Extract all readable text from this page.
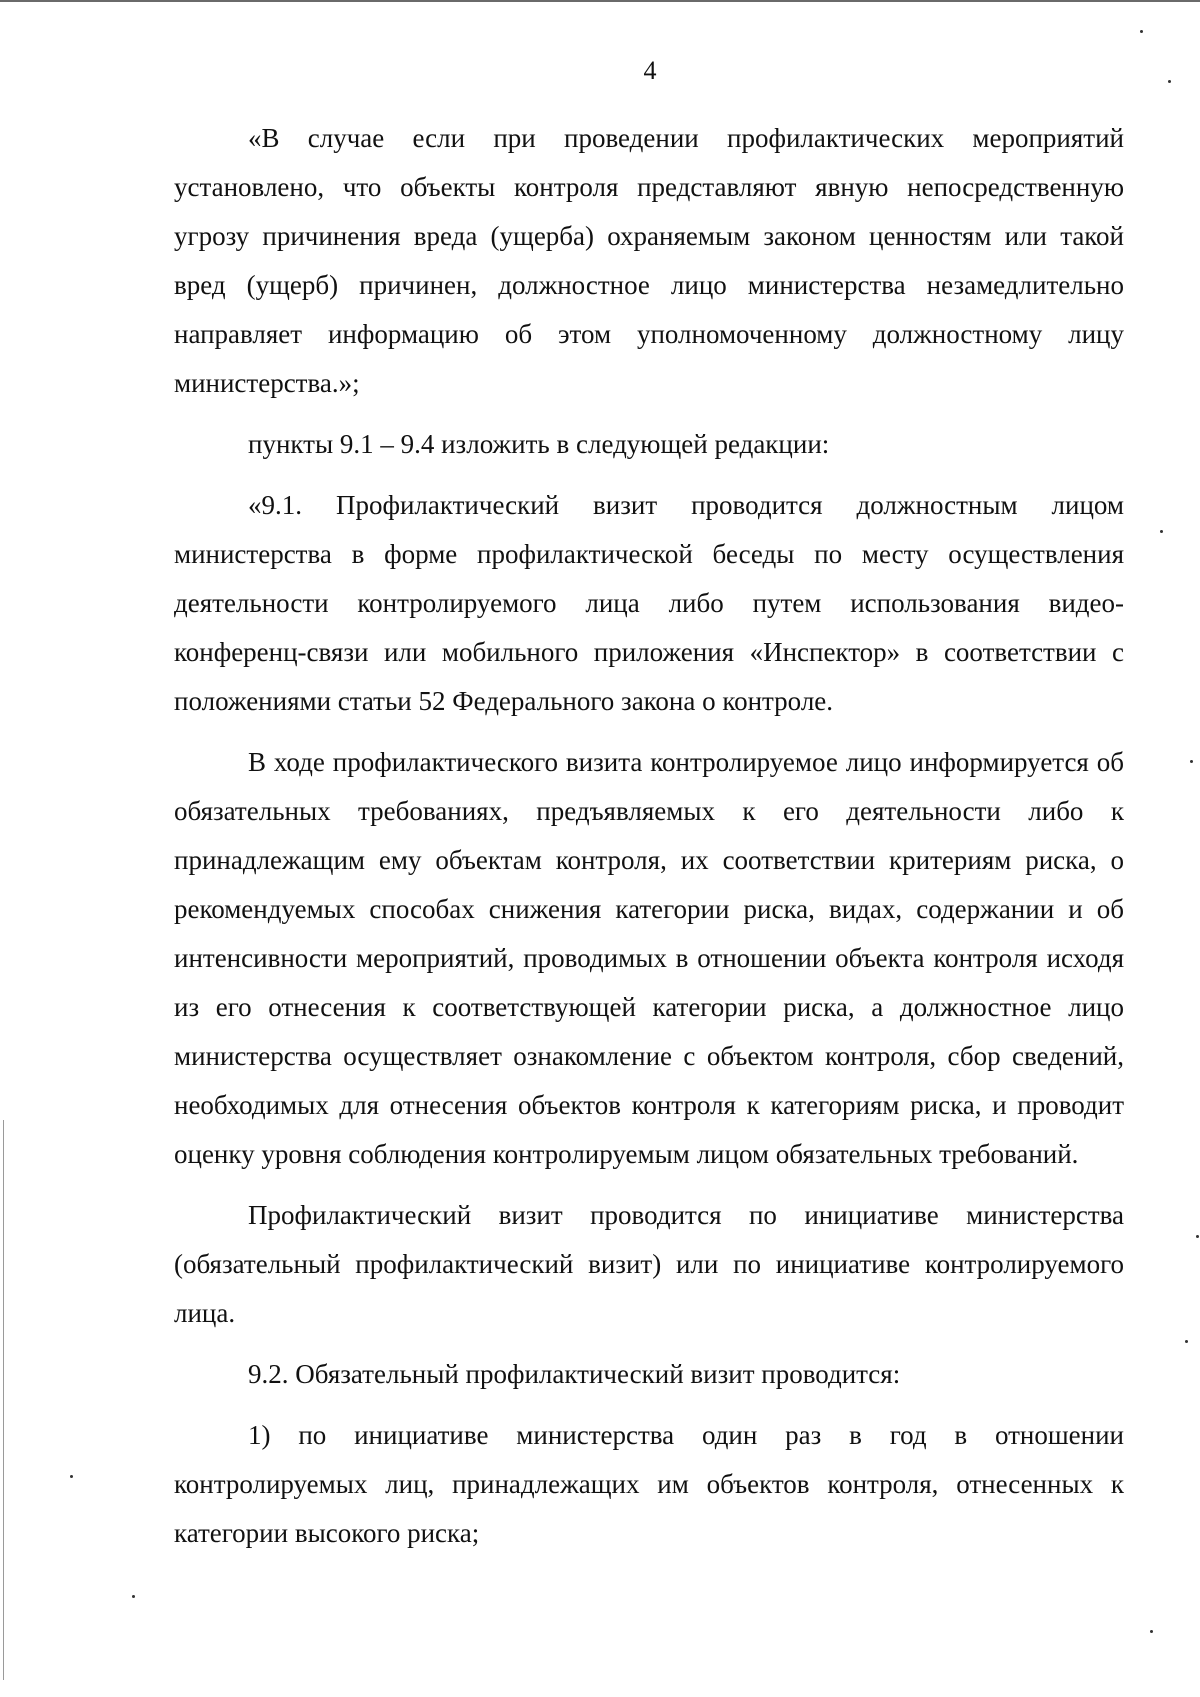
4

«В случае если при проведении профилактических мероприятий установлено, что объекты контроля представляют явную непосредственную угрозу причинения вреда (ущерба) охраняемым законом ценностям или такой вред (ущерб) причинен, должностное лицо министерства незамедлительно направляет информацию об этом уполномоченному должностному лицу министерства.»;

пункты 9.1 – 9.4 изложить в следующей редакции:

«9.1. Профилактический визит проводится должностным лицом министерства в форме профилактической беседы по месту осуществления деятельности контролируемого лица либо путем использования видео-конференц-связи или мобильного приложения «Инспектор» в соответствии с положениями статьи 52 Федерального закона о контроле.

В ходе профилактического визита контролируемое лицо информируется об обязательных требованиях, предъявляемых к его деятельности либо к принадлежащим ему объектам контроля, их соответствии критериям риска, о рекомендуемых способах снижения категории риска, видах, содержании и об интенсивности мероприятий, проводимых в отношении объекта контроля исходя из его отнесения к соответствующей категории риска, а должностное лицо министерства осуществляет ознакомление с объектом контроля, сбор сведений, необходимых для отнесения объектов контроля к категориям риска, и проводит оценку уровня соблюдения контролируемым лицом обязательных требований.

Профилактический визит проводится по инициативе министерства (обязательный профилактический визит) или по инициативе контролируемого лица.

9.2. Обязательный профилактический визит проводится:

1) по инициативе министерства один раз в год в отношении контролируемых лиц, принадлежащих им объектов контроля, отнесенных к категории высокого риска;
